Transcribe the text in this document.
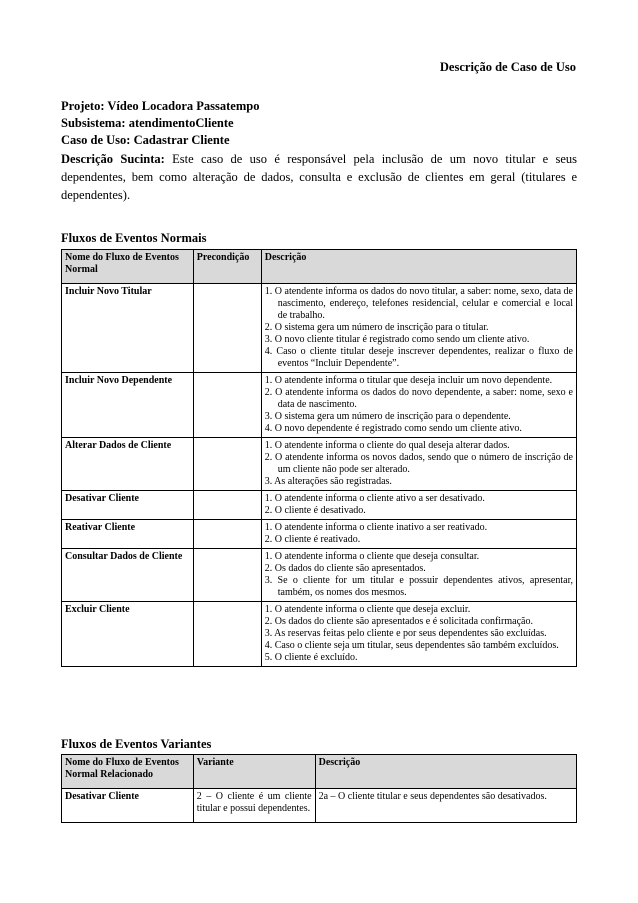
Descrição de Caso de Uso
Projeto: Vídeo Locadora Passatempo
Subsistema: atendimentoCliente
Caso de Uso: Cadastrar Cliente
Descrição Sucinta: Este caso de uso é responsável pela inclusão de um novo titular e seus dependentes, bem como alteração de dados, consulta e exclusão de clientes em geral (titulares e dependentes).
Fluxos de Eventos Normais
Nome do Fluxo de Eventos Normal	Precondição	Descrição
Incluir Novo Titular		1. O atendente informa os dados do novo titular, a saber: nome, sexo, data de nascimento, endereço, telefones residencial, celular e comercial e local de trabalho.
2. O sistema gera um número de inscrição para o titular.
3. O novo cliente titular é registrado como sendo um cliente ativo.
4. Caso o cliente titular deseje inscrever dependentes, realizar o fluxo de eventos “Incluir Dependente”.

Incluir Novo Dependente		1. O atendente informa o titular que deseja incluir um novo dependente.
2. O atendente informa os dados do novo dependente, a saber: nome, sexo e data de nascimento.
3. O sistema gera um número de inscrição para o dependente.
4. O novo dependente é registrado como sendo um cliente ativo.

Alterar Dados de Cliente		1. O atendente informa o cliente do qual deseja alterar dados.
2. O atendente informa os novos dados, sendo que o número de inscrição de um cliente não pode ser alterado.
3. As alterações são registradas.

Desativar Cliente		1. O atendente informa o cliente ativo a ser desativado.
2. O cliente é desativado.

Reativar Cliente		1. O atendente informa o cliente inativo a ser reativado.
2. O cliente é reativado.

Consultar Dados de Cliente		1. O atendente informa o cliente que deseja consultar.
2. Os dados do cliente são apresentados.
3. Se o cliente for um titular e possuir dependentes ativos, apresentar, também, os nomes dos mesmos.

Excluir Cliente		1. O atendente informa o cliente que deseja excluir.
2. Os dados do cliente são apresentados e é solicitada confirmação.
3. As reservas feitas pelo cliente e por seus dependentes são excluídas.
4. Caso o cliente seja um titular, seus dependentes são também excluídos.
5. O cliente é excluído.
Fluxos de Eventos Variantes
Nome do Fluxo de Eventos Normal Relacionado	Variante	Descrição
Desativar Cliente	2 – O cliente é um cliente titular e possui dependentes.	2a – O cliente titular e seus dependentes são desativados.
